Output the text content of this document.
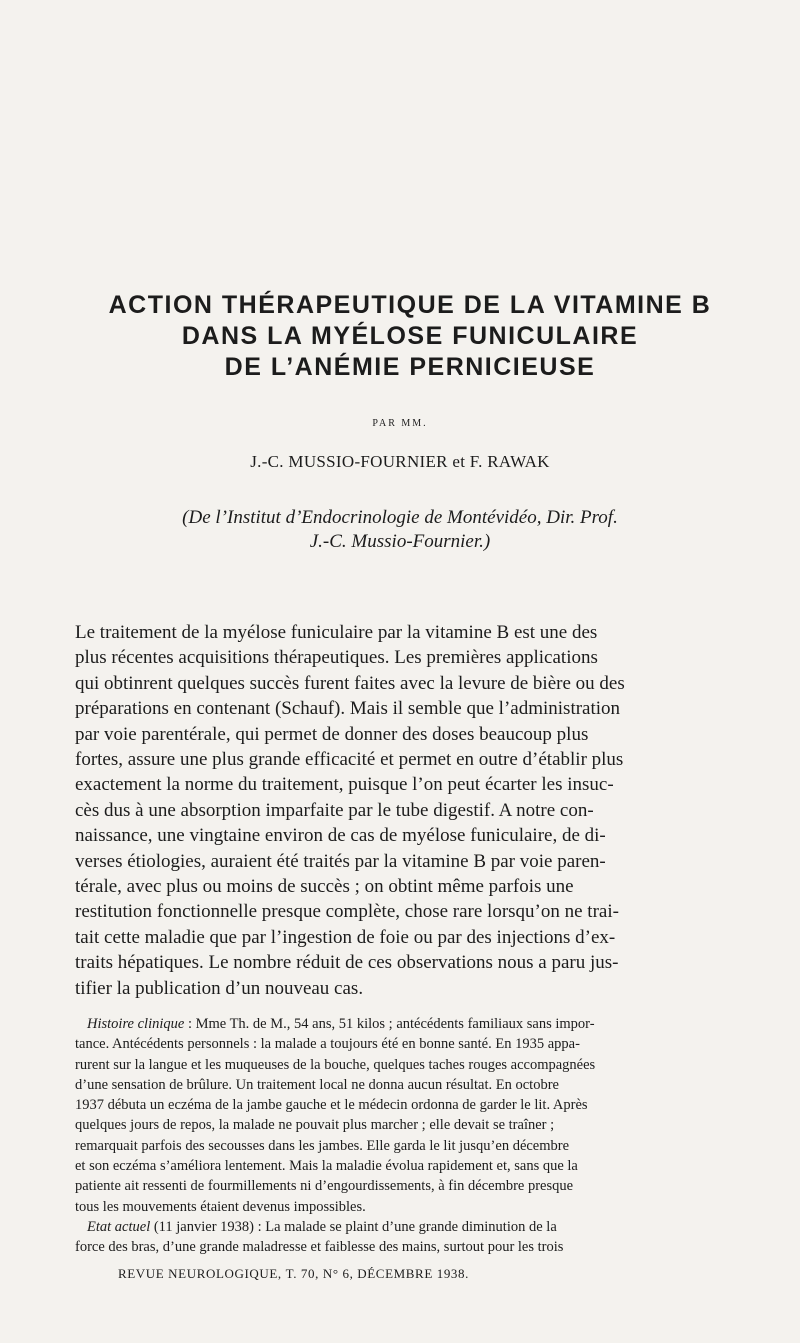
ACTION THÉRAPEUTIQUE DE LA VITAMINE B
DANS LA MYÉLOSE FUNICULAIRE
DE L’ANÉMIE PERNICIEUSE
PAR MM.
J.-C. MUSSIO-FOURNIER et F. RAWAK
(De l’Institut d’Endocrinologie de Montévidéo, Dir. Prof.
J.-C. Mussio-Fournier.)
Le traitement de la myélose funiculaire par la vitamine B est une des
plus récentes acquisitions thérapeutiques. Les premières applications
qui obtinrent quelques succès furent faites avec la levure de bière ou des
préparations en contenant (Schauf). Mais il semble que l’administration
par voie parentérale, qui permet de donner des doses beaucoup plus
fortes, assure une plus grande efficacité et permet en outre d’établir plus
exactement la norme du traitement, puisque l’on peut écarter les insuc-
cès dus à une absorption imparfaite par le tube digestif. A notre con-
naissance, une vingtaine environ de cas de myélose funiculaire, de di-
verses étiologies, auraient été traités par la vitamine B par voie paren-
térale, avec plus ou moins de succès ; on obtint même parfois une
restitution fonctionnelle presque complète, chose rare lorsqu’on ne trai-
tait cette maladie que par l’ingestion de foie ou par des injections d’ex-
traits hépatiques. Le nombre réduit de ces observations nous a paru jus-
tifier la publication d’un nouveau cas.
Histoire clinique : Mme Th. de M., 54 ans, 51 kilos ; antécédents familiaux sans impor-
tance. Antécédents personnels : la malade a toujours été en bonne santé. En 1935 appa-
rurent sur la langue et les muqueuses de la bouche, quelques taches rouges accompagnées
d’une sensation de brûlure. Un traitement local ne donna aucun résultat. En octobre
1937 débuta un eczéma de la jambe gauche et le médecin ordonna de garder le lit. Après
quelques jours de repos, la malade ne pouvait plus marcher ; elle devait se traîner ;
remarquait parfois des secousses dans les jambes. Elle garda le lit jusqu’en décembre
et son eczéma s’améliora lentement. Mais la maladie évolua rapidement et, sans que la
patiente ait ressenti de fourmillements ni d’engourdissements, à fin décembre presque
tous les mouvements étaient devenus impossibles.
Etat actuel (11 janvier 1938) : La malade se plaint d’une grande diminution de la
force des bras, d’une grande maladresse et faiblesse des mains, surtout pour les trois
REVUE NEUROLOGIQUE, T. 70, N° 6, DÉCEMBRE 1938.
